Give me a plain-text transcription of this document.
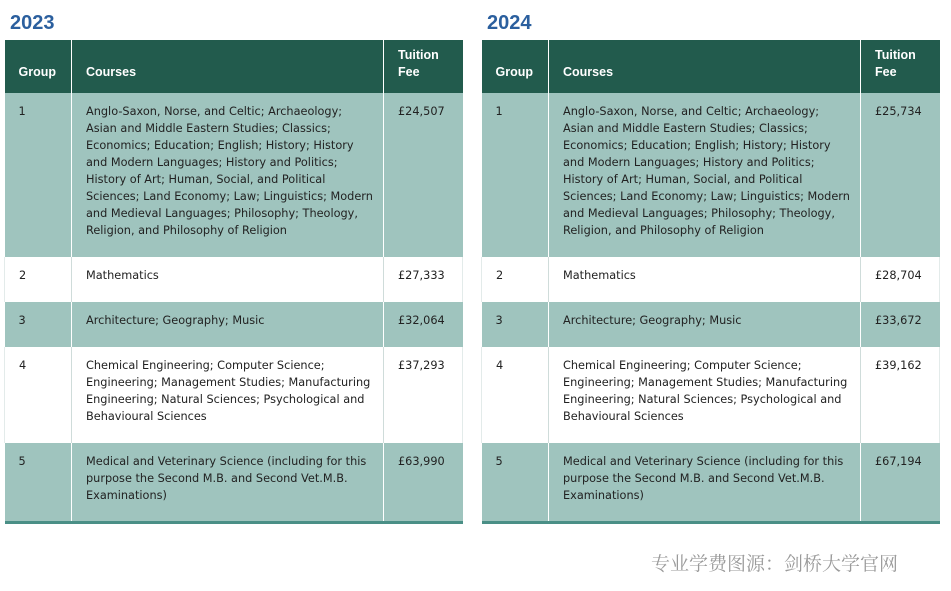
2023
Group	Courses	Tuition Fee
1	Anglo-Saxon, Norse, and Celtic; Archaeology; Asian and Middle Eastern Studies; Classics; Economics; Education; English; History; History and Modern Languages; History and Politics; History of Art; Human, Social, and Political Sciences; Land Economy; Law; Linguistics; Modern and Medieval Languages; Philosophy; Theology, Religion, and Philosophy of Religion	£24,507
2	Mathematics	£27,333
3	Architecture; Geography; Music	£32,064
4	Chemical Engineering; Computer Science; Engineering; Management Studies; Manufacturing Engineering; Natural Sciences; Psychological and Behavioural Sciences	£37,293
5	Medical and Veterinary Science (including for this purpose the Second M.B. and Second Vet.M.B. Examinations)	£63,990
2024
Group	Courses	Tuition Fee
1	Anglo-Saxon, Norse, and Celtic; Archaeology; Asian and Middle Eastern Studies; Classics; Economics; Education; English; History; History and Modern Languages; History and Politics; History of Art; Human, Social, and Political Sciences; Land Economy; Law; Linguistics; Modern and Medieval Languages; Philosophy; Theology, Religion, and Philosophy of Religion	£25,734
2	Mathematics	£28,704
3	Architecture; Geography; Music	£33,672
4	Chemical Engineering; Computer Science; Engineering; Management Studies; Manufacturing Engineering; Natural Sciences; Psychological and Behavioural Sciences	£39,162
5	Medical and Veterinary Science (including for this purpose the Second M.B. and Second Vet.M.B. Examinations)	£67,194
专业学费图源：剑桥大学官网
